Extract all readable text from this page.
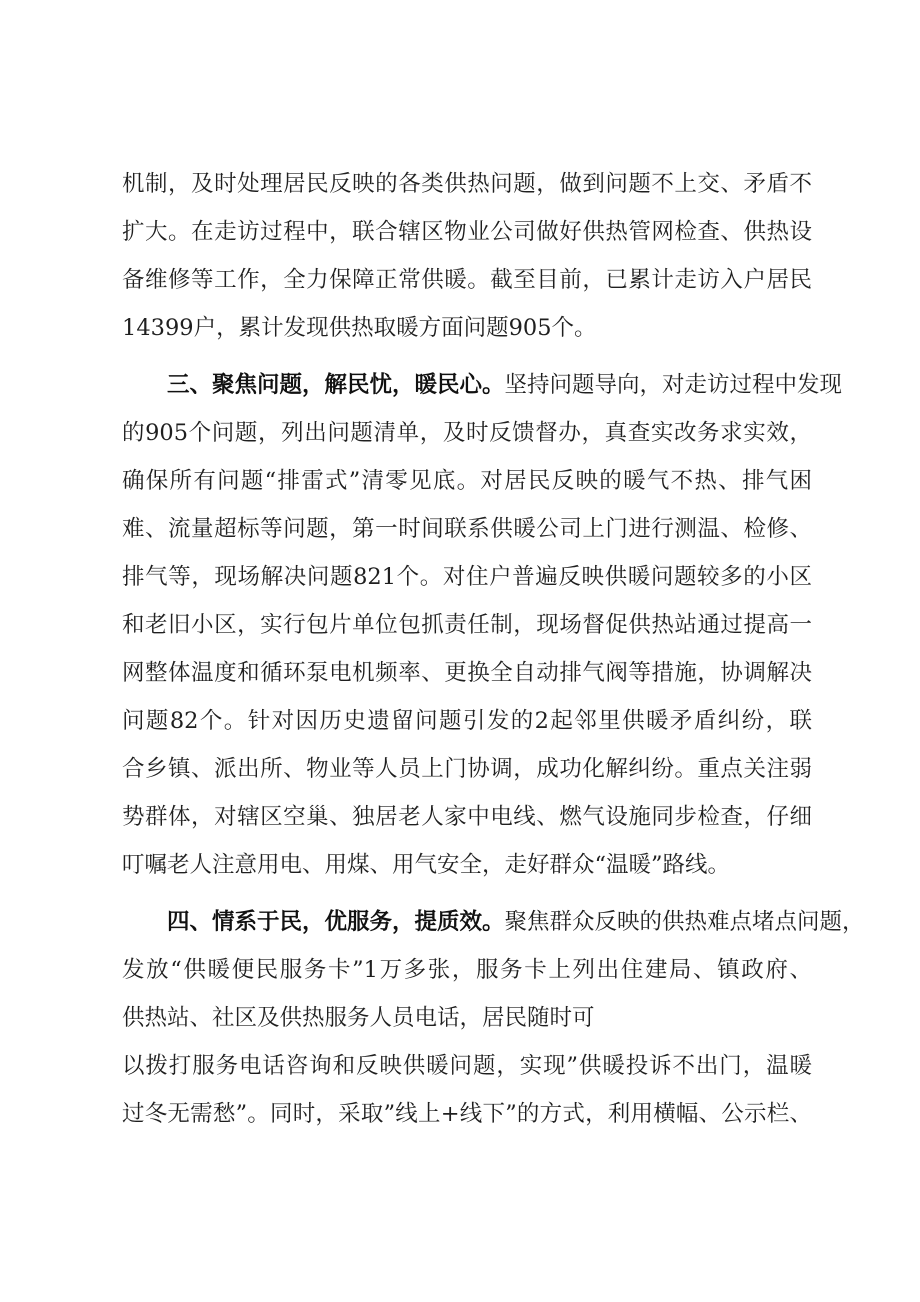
机制，及时处理居民反映的各类供热问题，做到问题不上交、矛盾不
扩大。在走访过程中，联合辖区物业公司做好供热管网检查、供热设
备维修等工作，全力保障正常供暖。截至目前，已累计走访入户居民
14399户，累计发现供热取暖方面问题905个。
三、聚焦问题，解民忧，暖民心。坚持问题导向，对走访过程中发现
的905个问题，列出问题清单，及时反馈督办，真查实改务求实效，
确保所有问题“排雷式”清零见底。对居民反映的暖气不热、排气困
难、流量超标等问题，第一时间联系供暖公司上门进行测温、检修、
排气等，现场解决问题821个。对住户普遍反映供暖问题较多的小区
和老旧小区，实行包片单位包抓责任制，现场督促供热站通过提高一
网整体温度和循环泵电机频率、更换全自动排气阀等措施，协调解决
问题82个。针对因历史遗留问题引发的2起邻里供暖矛盾纠纷，联
合乡镇、派出所、物业等人员上门协调，成功化解纠纷。重点关注弱
势群体，对辖区空巢、独居老人家中电线、燃气设施同步检查，仔细
叮嘱老人注意用电、用煤、用气安全，走好群众“温暖”路线。
四、情系于民，优服务，提质效。聚焦群众反映的供热难点堵点问题，
发放“供暖便民服务卡”1万多张，服务卡上列出住建局、镇政府、
供热站、社区及供热服务人员电话，居民随时可
以拨打服务电话咨询和反映供暖问题，实现”供暖投诉不出门，温暖
过冬无需愁”。同时，采取”线上+线下”的方式，利用横幅、公示栏、
